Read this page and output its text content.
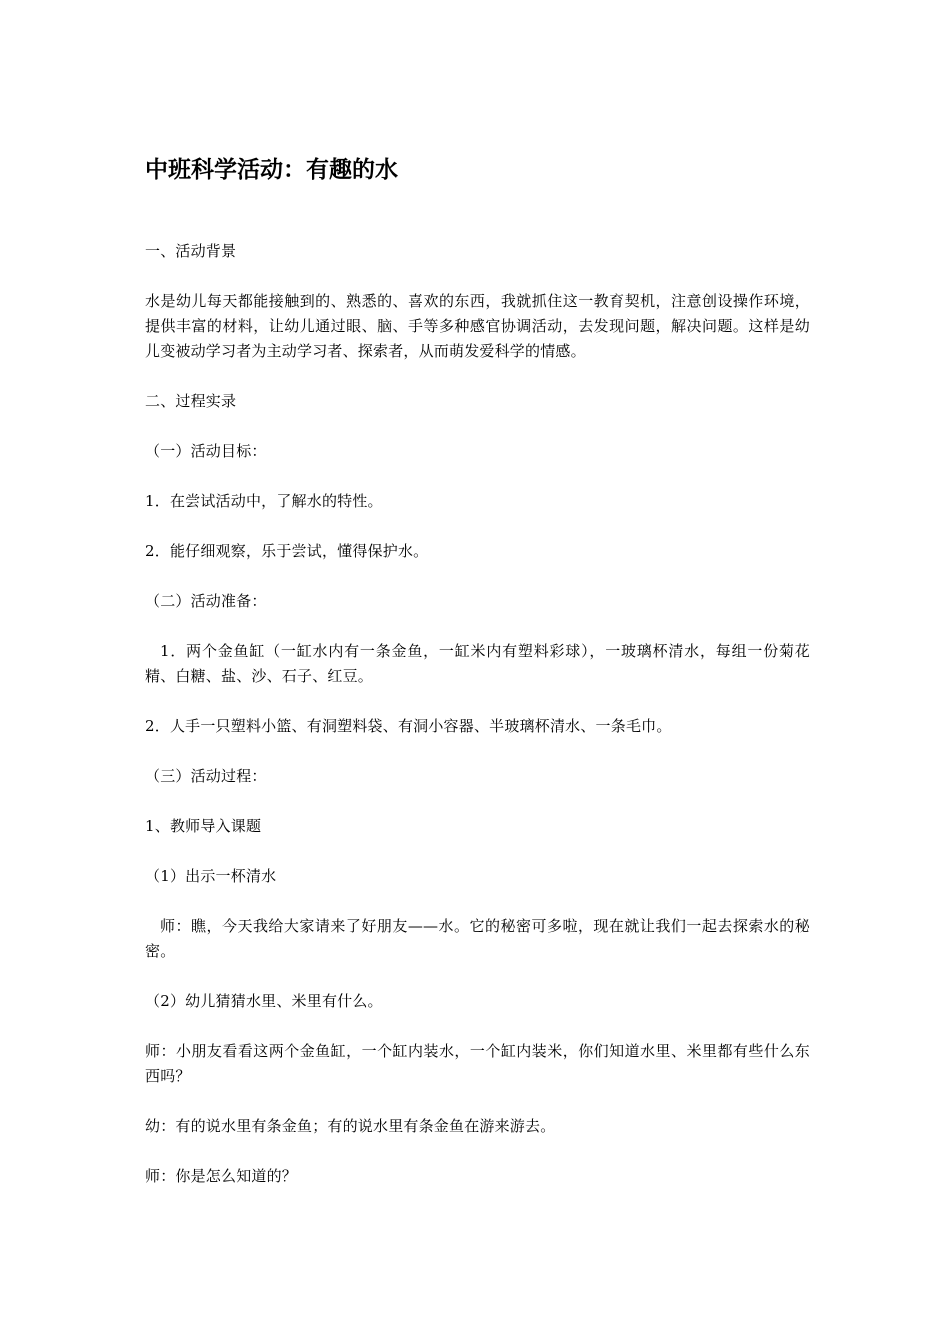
中班科学活动：有趣的水

一、活动背景

水是幼儿每天都能接触到的、熟悉的、喜欢的东西，我就抓住这一教育契机，注意创设操作环境，提供丰富的材料，让幼儿通过眼、脑、手等多种感官协调活动，去发现问题，解决问题。这样是幼儿变被动学习者为主动学习者、探索者，从而萌发爱科学的情感。

二、过程实录

（一）活动目标：

1．在尝试活动中，了解水的特性。

2．能仔细观察，乐于尝试，懂得保护水。

（二）活动准备：

1．两个金鱼缸（一缸水内有一条金鱼，一缸米内有塑料彩球），一玻璃杯清水，每组一份菊花精、白糖、盐、沙、石子、红豆。

2．人手一只塑料小篮、有洞塑料袋、有洞小容器、半玻璃杯清水、一条毛巾。

（三）活动过程：

1、教师导入课题

（1）出示一杯清水

师：瞧，今天我给大家请来了好朋友——水。它的秘密可多啦，现在就让我们一起去探索水的秘密。

（2）幼儿猜猜水里、米里有什么。

师：小朋友看看这两个金鱼缸，一个缸内装水，一个缸内装米，你们知道水里、米里都有些什么东西吗？

幼：有的说水里有条金鱼；有的说水里有条金鱼在游来游去。

师：你是怎么知道的？
